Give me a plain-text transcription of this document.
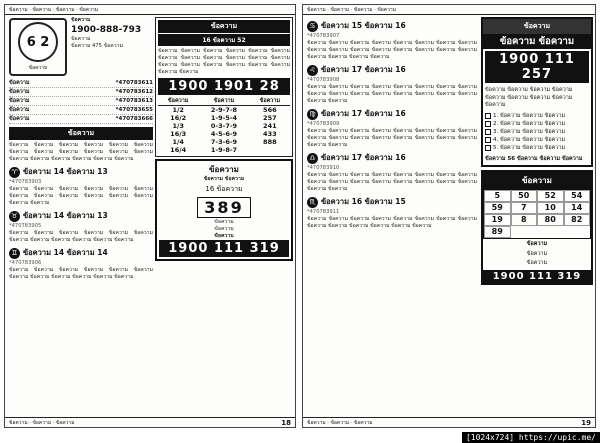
ข้อความ · ข้อความ · ข้อความ · ข้อความ
6 2
ข้อความ
ข้อความ
1900-888-793
ข้อความ
ข้อความ 475 ข้อความ
ข้อความ	*470783611
ข้อความ	*470783612
ข้อความ	*470783613
ข้อความ	*470783655
ข้อความ	*470783666
ข้อความ
ข้อความ ข้อความ ข้อความ ข้อความ ข้อความ ข้อความ ข้อความ ข้อความ ข้อความ ข้อความ ข้อความ ข้อความ ข้อความ ข้อความ ข้อความ ข้อความ ข้อความ ข้อความ
♈ ข้อความ 14 ข้อความ 13
*470783903
ข้อความ ข้อความ ข้อความ ข้อความ ข้อความ ข้อความ ข้อความ ข้อความ ข้อความ ข้อความ ข้อความ ข้อความ ข้อความ ข้อความ
♉ ข้อความ 14 ข้อความ 13
*470783905
ข้อความ ข้อความ ข้อความ ข้อความ ข้อความ ข้อความ ข้อความ ข้อความ ข้อความ ข้อความ ข้อความ ข้อความ
♊ ข้อความ 14 ข้อความ 14
*470783906
ข้อความ ข้อความ ข้อความ ข้อความ ข้อความ ข้อความ ข้อความ ข้อความ ข้อความ ข้อความ ข้อความ ข้อความ
ข้อความ
16 ข้อความ 52
ข้อความ ข้อความ ข้อความ ข้อความ ข้อความ ข้อความ ข้อความ ข้อความ ข้อความ ข้อความ ข้อความ ข้อความ ข้อความ ข้อความ ข้อความ ข้อความ ข้อความ ข้อความ ข้อความ ข้อความ
1900 1901 28
ข้อความ	ข้อความ	ข้อความ
1/2	2-9-7-8	566
16/2	1-9-5-4	257
1/3	0-3-7-9	241
16/3	4-5-6-9	433
1/4	7-3-6-9	888
16/4	1-9-8-7	
ข้อความ
ข้อความ ข้อความ
16 ข้อความ
389
ข้อความ
ข้อความ
ข้อความ
1900 111 319
ข้อความ · ข้อความ · ข้อความ	18
ข้อความ · ข้อความ · ข้อความ · ข้อความ
♋ ข้อความ 15 ข้อความ 16
*470783907
ข้อความ ข้อความ ข้อความ ข้อความ ข้อความ ข้อความ ข้อความ ข้อความ ข้อความ ข้อความ ข้อความ ข้อความ ข้อความ ข้อความ ข้อความ ข้อความ ข้อความ ข้อความ ข้อความ ข้อความ
♌ ข้อความ 17 ข้อความ 16
*470783908
ข้อความ ข้อความ ข้อความ ข้อความ ข้อความ ข้อความ ข้อความ ข้อความ ข้อความ ข้อความ ข้อความ ข้อความ ข้อความ ข้อความ ข้อความ ข้อความ ข้อความ ข้อความ
♍ ข้อความ 17 ข้อความ 16
*470783909
ข้อความ ข้อความ ข้อความ ข้อความ ข้อความ ข้อความ ข้อความ ข้อความ ข้อความ ข้อความ ข้อความ ข้อความ ข้อความ ข้อความ ข้อความ ข้อความ ข้อความ ข้อความ
♎ ข้อความ 17 ข้อความ 16
*470783910
ข้อความ ข้อความ ข้อความ ข้อความ ข้อความ ข้อความ ข้อความ ข้อความ ข้อความ ข้อความ ข้อความ ข้อความ ข้อความ ข้อความ ข้อความ ข้อความ ข้อความ ข้อความ
♏ ข้อความ 16 ข้อความ 15
*470783911
ข้อความ ข้อความ ข้อความ ข้อความ ข้อความ ข้อความ ข้อความ ข้อความ ข้อความ ข้อความ ข้อความ ข้อความ ข้อความ ข้อความ
ข้อความ
ข้อความ ข้อความ
1900 111 257
ข้อความ ข้อความ ข้อความ ข้อความ ข้อความ ข้อความ ข้อความ ข้อความ ข้อความ
1. ข้อความ ข้อความ ข้อความ
2. ข้อความ ข้อความ ข้อความ
3. ข้อความ ข้อความ ข้อความ
4. ข้อความ ข้อความ ข้อความ
5. ข้อความ ข้อความ ข้อความ
ข้อความ 56 ข้อความ ข้อความ ข้อความ
ข้อความ
5	50	52	54
59	7	10	14
19	8	80	82
89
ข้อความ
ข้อความ
ข้อความ
1900 111 319
ข้อความ · ข้อความ · ข้อความ	19
[1024x724] https://upic.me/
